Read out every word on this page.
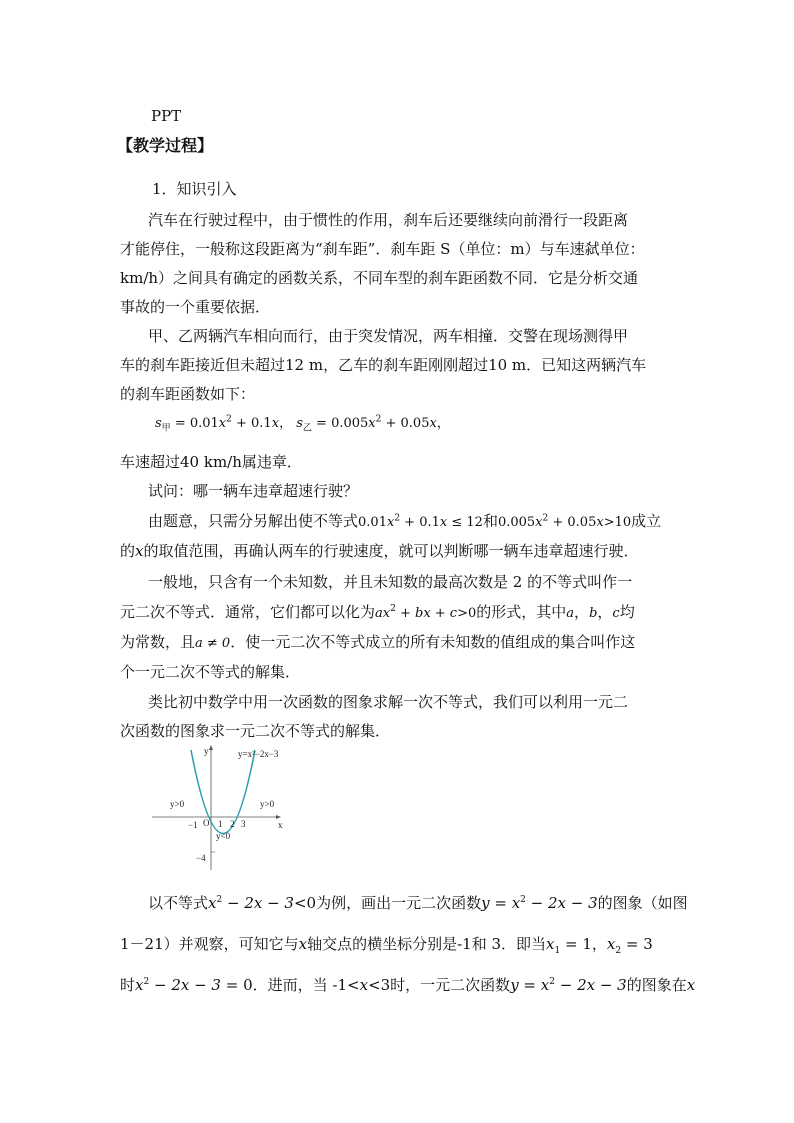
PPT
【教学过程】
1．知识引入
汽车在行驶过程中，由于惯性的作用，刹车后还要继续向前滑行一段距离
才能停住，一般称这段距离为“刹车距”．刹车距 S（单位：m）与车速弑单位：
km/h）之间具有确定的函数关系，不同车型的刹车距函数不同．它是分析交通
事故的一个重要依据．
甲、乙两辆汽车相向而行，由于突发情况，两车相撞．交警在现场测得甲
车的刹车距接近但未超过12 m，乙车的刹车距刚刚超过10 m．已知这两辆汽车
的刹车距函数如下：
$s_甲 = 0.01x^2 + 0.1x$， $s_乙 = 0.005x^2 + 0.05x$，
车速超过40 km/h属违章．
试问：哪一辆车违章超速行驶？
由题意，只需分另解出使不等式$0.01x^2 + 0.1x \le 12$和$0.005x^2 + 0.05x>10$成立
的x的取值范围，再确认两车的行驶速度，就可以判断哪一辆车违章超速行驶．
一般地，只含有一个未知数，并且未知数的最高次数是 2 的不等式叫作一
元二次不等式．通常，它们都可以化为$ax^2$ + bx + c>0的形式，其中a，b，c均
为常数，且a ≠ 0．使一元二次不等式成立的所有未知数的值组成的集合叫作这
个一元二次不等式的解集．
类比初中数学中用一次函数的图象求解一次不等式，我们可以利用一元二
次函数的图象求一元二次不等式的解集．
y
x
y=x²−2x−3
y>0	y>0
y<0
O
−1 1 2 3
−4
以不等式$x^2 - 2x - 3<0$为例，画出一元二次函数$y = x^2 - 2x - 3$的图象（如图
1－21）并观察，可知它与x轴交点的横坐标分别是-1和 3．即当$x_1 = 1$，$x_2 = 3$
时$x^2 - 2x - 3 = 0$．进而，当 -1<x<3时，一元二次函数$y = x^2 - 2x - 3$的图象在x
